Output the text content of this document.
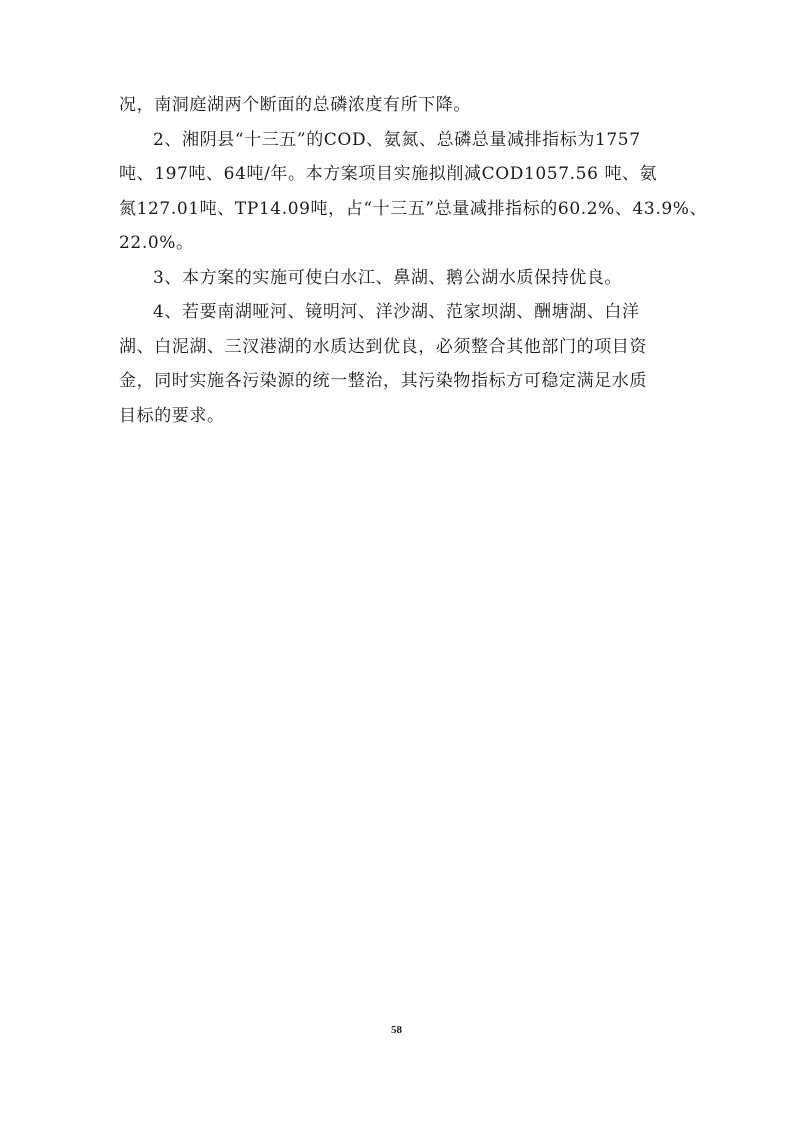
况，南洞庭湖两个断面的总磷浓度有所下降。
2、湘阴县“十三五”的COD、氨氮、总磷总量减排指标为1757
吨、197吨、64吨/年。本方案项目实施拟削减COD1057.56 吨、氨
氮127.01吨、TP14.09吨，占“十三五”总量减排指标的60.2%、43.9%、
22.0%。
3、本方案的实施可使白水江、鼻湖、鹅公湖水质保持优良。
4、若要南湖哑河、镜明河、洋沙湖、范家坝湖、酬塘湖、白洋
湖、白泥湖、三汊港湖的水质达到优良，必须整合其他部门的项目资
金，同时实施各污染源的统一整治，其污染物指标方可稳定满足水质
目标的要求。
58
